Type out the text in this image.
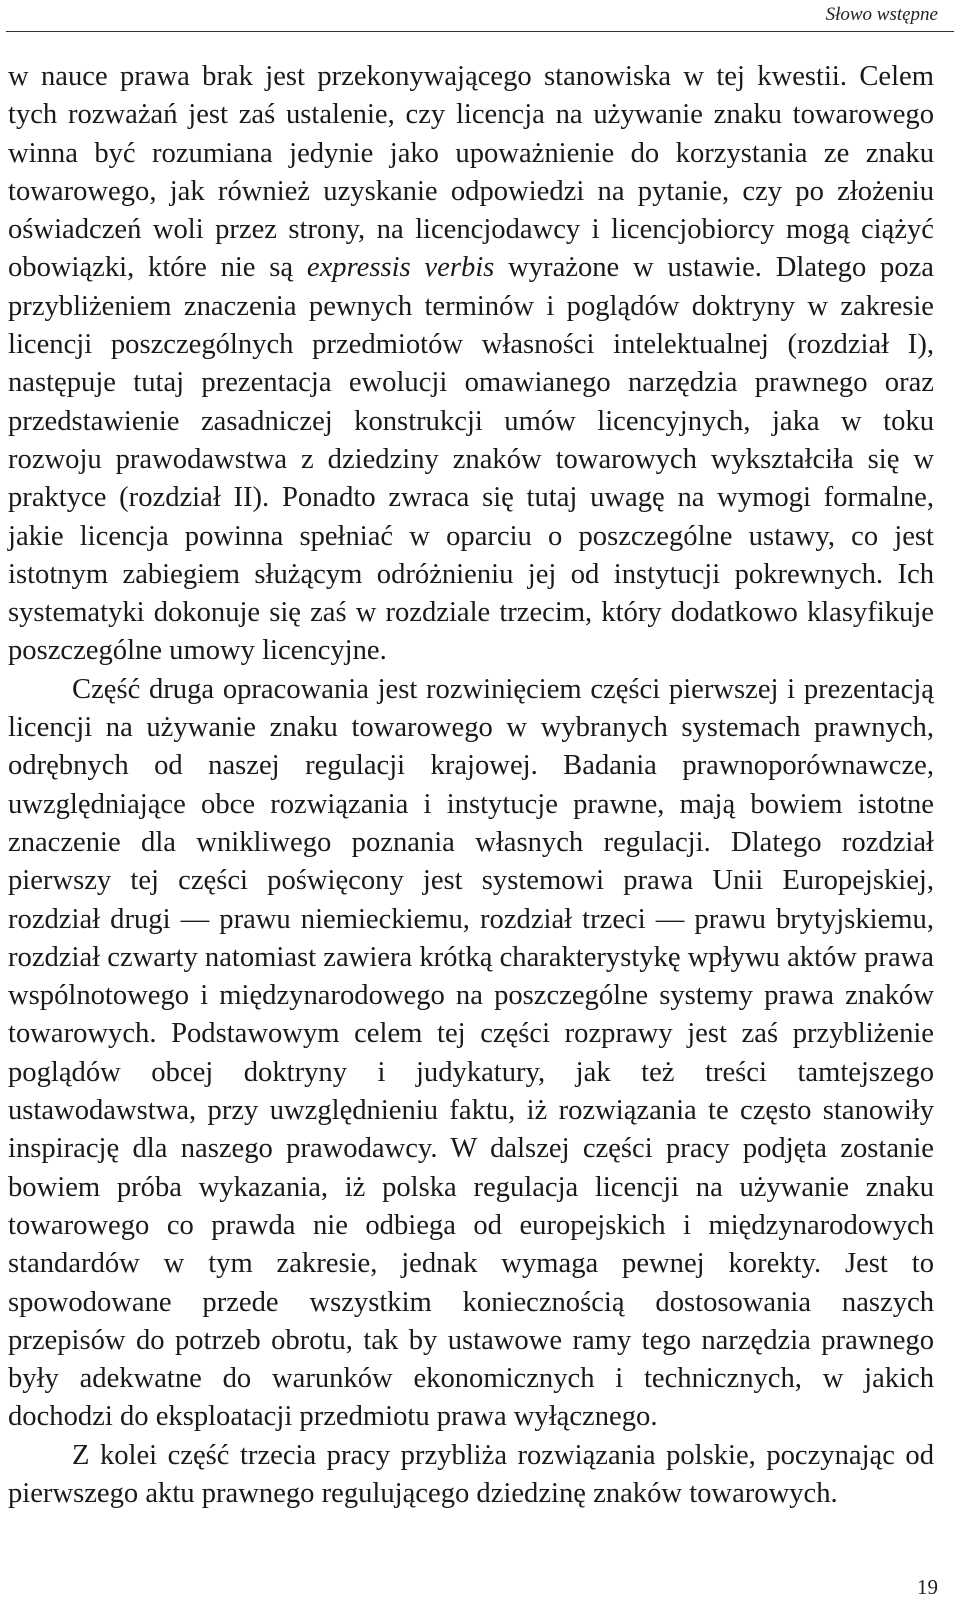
Słowo wstępne

w nauce prawa brak jest przekonywającego stanowiska w tej kwestii. Celem tych rozważań jest zaś ustalenie, czy licencja na używanie znaku towarowego winna być rozumiana jedynie jako upoważnienie do korzystania ze znaku towarowego, jak również uzyskanie odpowiedzi na pytanie, czy po złożeniu oświadczeń woli przez strony, na licencjodawcy i licencjobiorcy mogą ciążyć obowiązki, które nie są expressis verbis wyrażone w ustawie. Dlatego poza przybliżeniem znaczenia pewnych terminów i poglądów doktryny w zakresie licencji poszczególnych przedmiotów własności intelektualnej (rozdział I), następuje tutaj prezentacja ewolucji omawianego narzędzia prawnego oraz przedstawienie zasadniczej konstrukcji umów licencyjnych, jaka w toku rozwoju prawodawstwa z dziedziny znaków towarowych wykształciła się w praktyce (rozdział II). Ponadto zwraca się tutaj uwagę na wymogi formalne, jakie licencja powinna spełniać w oparciu o poszczególne ustawy, co jest istotnym zabiegiem służącym odróżnieniu jej od instytucji pokrewnych. Ich systematyki dokonuje się zaś w rozdziale trzecim, który dodatkowo klasyfikuje poszczególne umowy licencyjne.

Część druga opracowania jest rozwinięciem części pierwszej i prezentacją licencji na używanie znaku towarowego w wybranych systemach prawnych, odrębnych od naszej regulacji krajowej. Badania prawnoporównawcze, uwzględniające obce rozwiązania i instytucje prawne, mają bowiem istotne znaczenie dla wnikliwego poznania własnych regulacji. Dlatego rozdział pierwszy tej części poświęcony jest systemowi prawa Unii Europejskiej, rozdział drugi — prawu niemieckiemu, rozdział trzeci — prawu brytyjskiemu, rozdział czwarty natomiast zawiera krótką charakterystykę wpływu aktów prawa wspólnotowego i międzynarodowego na poszczególne systemy prawa znaków towarowych. Podstawowym celem tej części rozprawy jest zaś przybliżenie poglądów obcej doktryny i judykatury, jak też treści tamtejszego ustawodawstwa, przy uwzględnieniu faktu, iż rozwiązania te często stanowiły inspirację dla naszego prawodawcy. W dalszej części pracy podjęta zostanie bowiem próba wykazania, iż polska regulacja licencji na używanie znaku towarowego co prawda nie odbiega od europejskich i międzynarodowych standardów w tym zakresie, jednak wymaga pewnej korekty. Jest to spowodowane przede wszystkim koniecznością dostosowania naszych przepisów do potrzeb obrotu, tak by ustawowe ramy tego narzędzia prawnego były adekwatne do warunków ekonomicznych i technicznych, w jakich dochodzi do eksploatacji przedmiotu prawa wyłącznego.

Z kolei część trzecia pracy przybliża rozwiązania polskie, poczynając od pierwszego aktu prawnego regulującego dziedzinę znaków towarowych.

19
